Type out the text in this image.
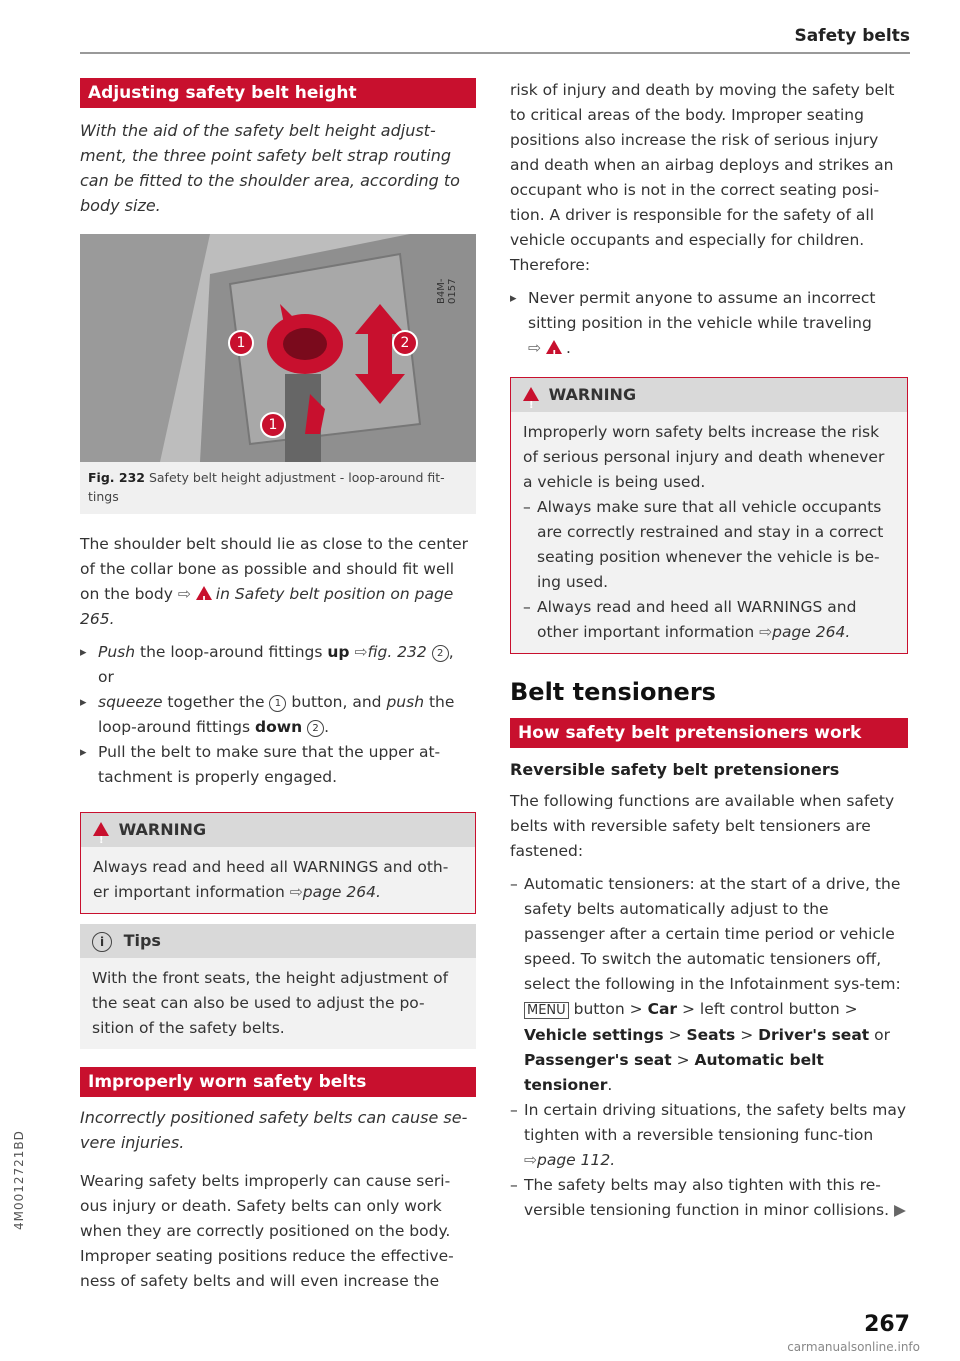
Safety belts
Adjusting safety belt height
With the aid of the safety belt height adjust-ment, the three point safety belt strap routing can be fitted to the shoulder area, according to body size.
1	2
1
B4M-0157
Fig. 232 Safety belt height adjustment - loop-around fit-tings

The shoulder belt should lie as close to the center of the collar bone as possible and should fit well on the body ⇨ ! in Safety belt position on page 265.

▸ Push the loop-around fittings up ⇨fig. 232 2 ,
or
▸ squeeze together the 1 button, and push the loop-around fittings down 2 .
▸ Pull the belt to make sure that the upper at-tachment is properly engaged.
! WARNING
Always read and heed all WARNINGS and oth-er important information ⇨page 264.
i Tips
With the front seats, the height adjustment of the seat can also be used to adjust the po-sition of the safety belts.
Improperly worn safety belts
Incorrectly positioned safety belts can cause se-vere injuries.

Wearing safety belts improperly can cause seri-ous injury or death. Safety belts can only work when they are correctly positioned on the body. Improper seating positions reduce the effective-ness of safety belts and will even increase the

risk of injury and death by moving the safety belt to critical areas of the body. Improper seating positions also increase the risk of serious injury and death when an airbag deploys and strikes an occupant who is not in the correct seating posi-tion. A driver is responsible for the safety of all vehicle occupants and especially for children. Therefore:

▸ Never permit anyone to assume an incorrect sitting position in the vehicle while traveling
⇨ ! .
! WARNING

Improperly worn safety belts increase the risk of serious personal injury and death whenever a vehicle is being used.

– Always make sure that all vehicle occupants are correctly restrained and stay in a correct seating position whenever the vehicle is be-ing used.
– Always read and heed all WARNINGS and other important information ⇨page 264.
Belt tensioners
How safety belt pretensioners work
Reversible safety belt pretensioners

The following functions are available when safety belts with reversible safety belt tensioners are fastened:

– Automatic tensioners: at the start of a drive, the safety belts automatically adjust to the passenger after a certain time period or vehicle speed. To switch the automatic tensioners off, select the following in the Infotainment sys-tem: MENU button > Car > left control button > Vehicle settings > Seats > Driver's seat or Passenger's seat > Automatic belt tensioner.
– In certain driving situations, the safety belts may tighten with a reversible tensioning func-tion ⇨page 112.
– The safety belts may also tighten with this re-versible tensioning function in minor collisions. ▶
4M0012721BD
267
carmanualsonline.info
